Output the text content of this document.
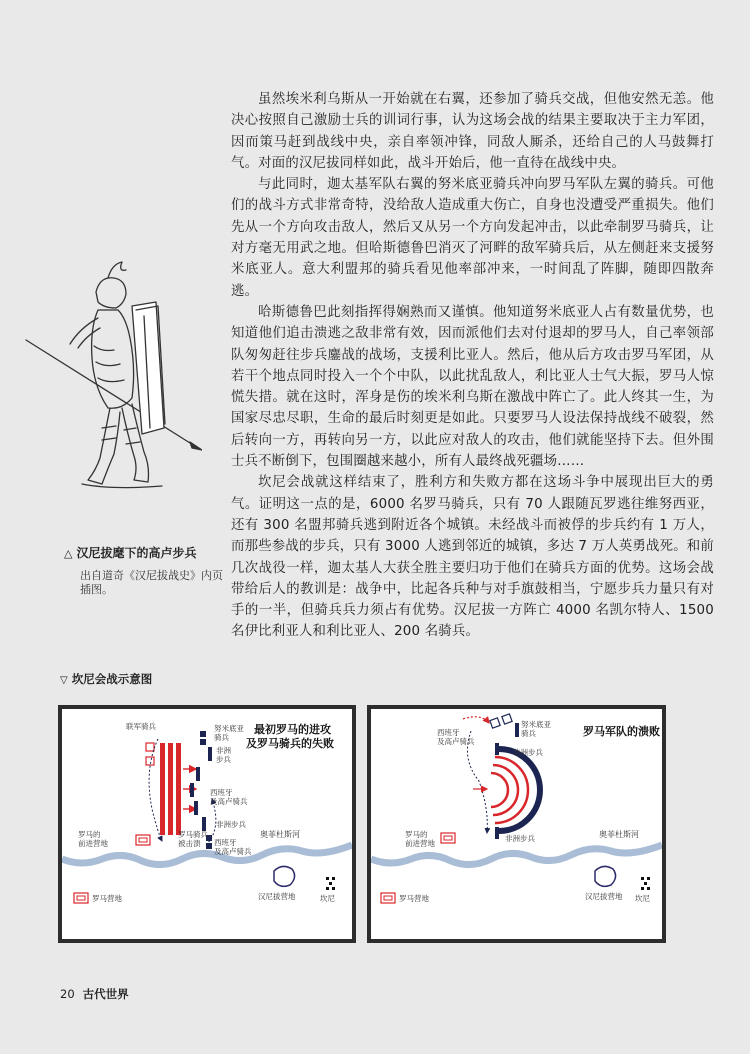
虽然埃米利乌斯从一开始就在右翼，还参加了骑兵交战，但他安然无恙。他决心按照自己激励士兵的训词行事，认为这场会战的结果主要取决于主力军团，因而策马赶到战线中央，亲自率领冲锋，同敌人厮杀，还给自己的人马鼓舞打气。对面的汉尼拔同样如此，战斗开始后，他一直待在战线中央。

与此同时，迦太基军队右翼的努米底亚骑兵冲向罗马军队左翼的骑兵。可他们的战斗方式非常奇特，没给敌人造成重大伤亡，自身也没遭受严重损失。他们先从一个方向攻击敌人，然后又从另一个方向发起冲击，以此牵制罗马骑兵，让对方毫无用武之地。但哈斯德鲁巴消灭了河畔的敌军骑兵后，从左侧赶来支援努米底亚人。意大利盟邦的骑兵看见他率部冲来，一时间乱了阵脚，随即四散奔逃。

哈斯德鲁巴此刻指挥得娴熟而又谨慎。他知道努米底亚人占有数量优势，也知道他们追击溃逃之敌非常有效，因而派他们去对付退却的罗马人，自己率领部队匆匆赶往步兵鏖战的战场，支援利比亚人。然后，他从后方攻击罗马军团，从若干个地点同时投入一个个中队，以此扰乱敌人，利比亚人士气大振，罗马人惊慌失措。就在这时，浑身是伤的埃米利乌斯在激战中阵亡了。此人终其一生，为国家尽忠尽职，生命的最后时刻更是如此。只要罗马人设法保持战线不破裂，然后转向一方，再转向另一方，以此应对敌人的攻击，他们就能坚持下去。但外围士兵不断倒下，包围圈越来越小，所有人最终战死疆场……

坎尼会战就这样结束了，胜利方和失败方都在这场斗争中展现出巨大的勇气。证明这一点的是，6000 名罗马骑兵，只有 70 人跟随瓦罗逃往维努西亚，还有 300 名盟邦骑兵逃到附近各个城镇。未经战斗而被俘的步兵约有 1 万人，而那些参战的步兵，只有 3000 人逃到邻近的城镇，多达 7 万人英勇战死。和前几次战役一样，迦太基人大获全胜主要归功于他们在骑兵方面的优势。这场会战带给后人的教训是：战争中，比起各兵种与对手旗鼓相当，宁愿步兵力量只有对手的一半，但骑兵兵力须占有优势。汉尼拔一方阵亡 4000 名凯尔特人、1500 名伊比利亚人和利比亚人、200 名骑兵。

△ 汉尼拔麾下的高卢步兵
出自道奇《汉尼拔战史》内页插图。
▽ 坎尼会战示意图
奥菲杜斯河
最初罗马的进攻
及罗马骑兵的失败
联军骑兵	努米底亚
骑兵
非洲
步兵
西班牙
及高卢骑兵
非洲步兵
罗马骑兵
被击溃 西班牙
及高卢骑兵
罗马的
前进营地
罗马营地	汉尼拔营地	坎尼
奥菲杜斯河
罗马军队的溃败
努米底亚
骑兵
西班牙
及高卢骑兵
非洲步兵
非洲步兵
罗马的
前进营地
罗马营地	汉尼拔营地 坎尼
20 古代世界
